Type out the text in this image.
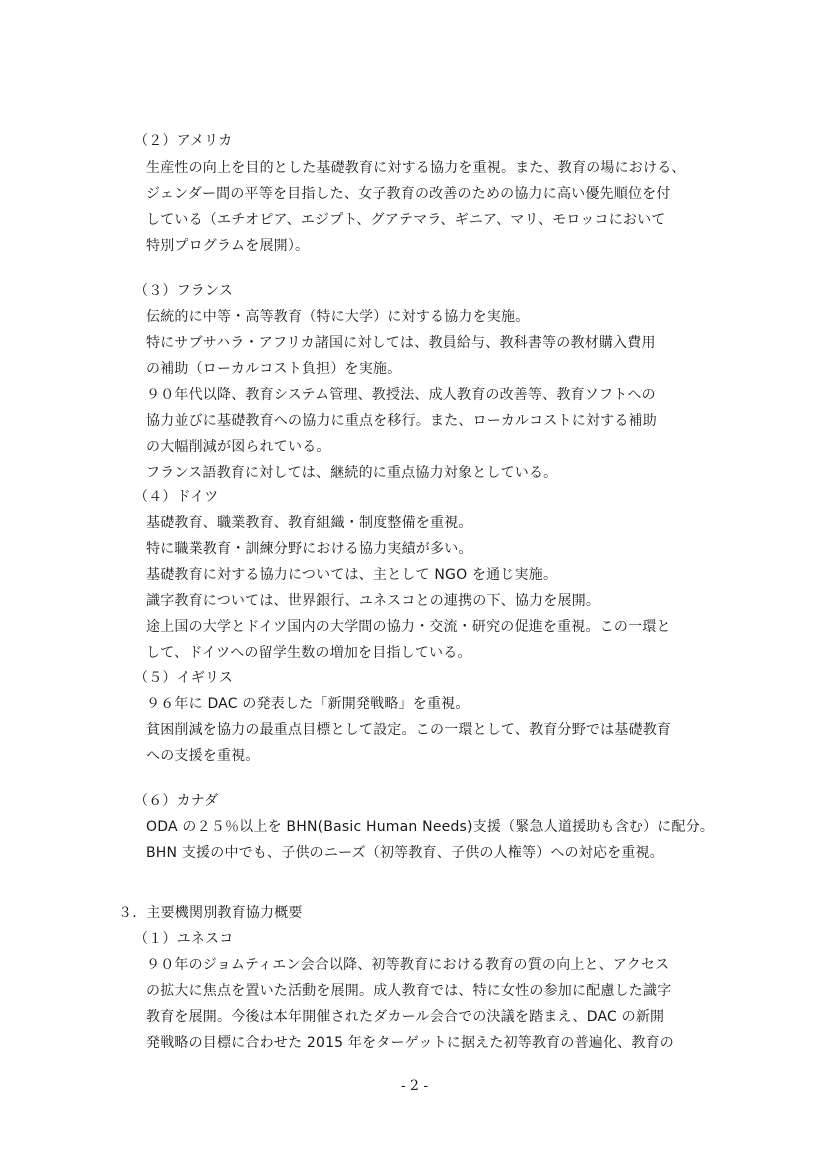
（２）アメリカ
生産性の向上を目的とした基礎教育に対する協力を重視。また、教育の場における、
ジェンダー間の平等を目指した、女子教育の改善のための協力に高い優先順位を付
している（エチオピア、エジプト、グアテマラ、ギニア、マリ、モロッコにおいて
特別プログラムを展開）。
（３）フランス
伝統的に中等・高等教育（特に大学）に対する協力を実施。
特にサブサハラ・アフリカ諸国に対しては、教員給与、教科書等の教材購入費用
の補助（ローカルコスト負担）を実施。
９０年代以降、教育システム管理、教授法、成人教育の改善等、教育ソフトへの
協力並びに基礎教育への協力に重点を移行。また、ローカルコストに対する補助
の大幅削減が図られている。
フランス語教育に対しては、継続的に重点協力対象としている。
（４）ドイツ
基礎教育、職業教育、教育組織・制度整備を重視。
特に職業教育・訓練分野における協力実績が多い。
基礎教育に対する協力については、主として NGO を通じ実施。
識字教育については、世界銀行、ユネスコとの連携の下、協力を展開。
途上国の大学とドイツ国内の大学間の協力・交流・研究の促進を重視。この一環と
して、ドイツへの留学生数の増加を目指している。
（５）イギリス
９６年に DAC の発表した「新開発戦略」を重視。
貧困削減を協力の最重点目標として設定。この一環として、教育分野では基礎教育
への支援を重視。
（６）カナダ
ODA の２５％以上を BHN(Basic Human Needs)支援（緊急人道援助も含む）に配分。
BHN 支援の中でも、子供のニーズ（初等教育、子供の人権等）への対応を重視。
３．主要機関別教育協力概要
（１）ユネスコ
９０年のジョムティエン会合以降、初等教育における教育の質の向上と、アクセス
の拡大に焦点を置いた活動を展開。成人教育では、特に女性の参加に配慮した識字
教育を展開。今後は本年開催されたダカール会合での決議を踏まえ、DAC の新開
発戦略の目標に合わせた 2015 年をターゲットに据えた初等教育の普遍化、教育の
- 2 -
